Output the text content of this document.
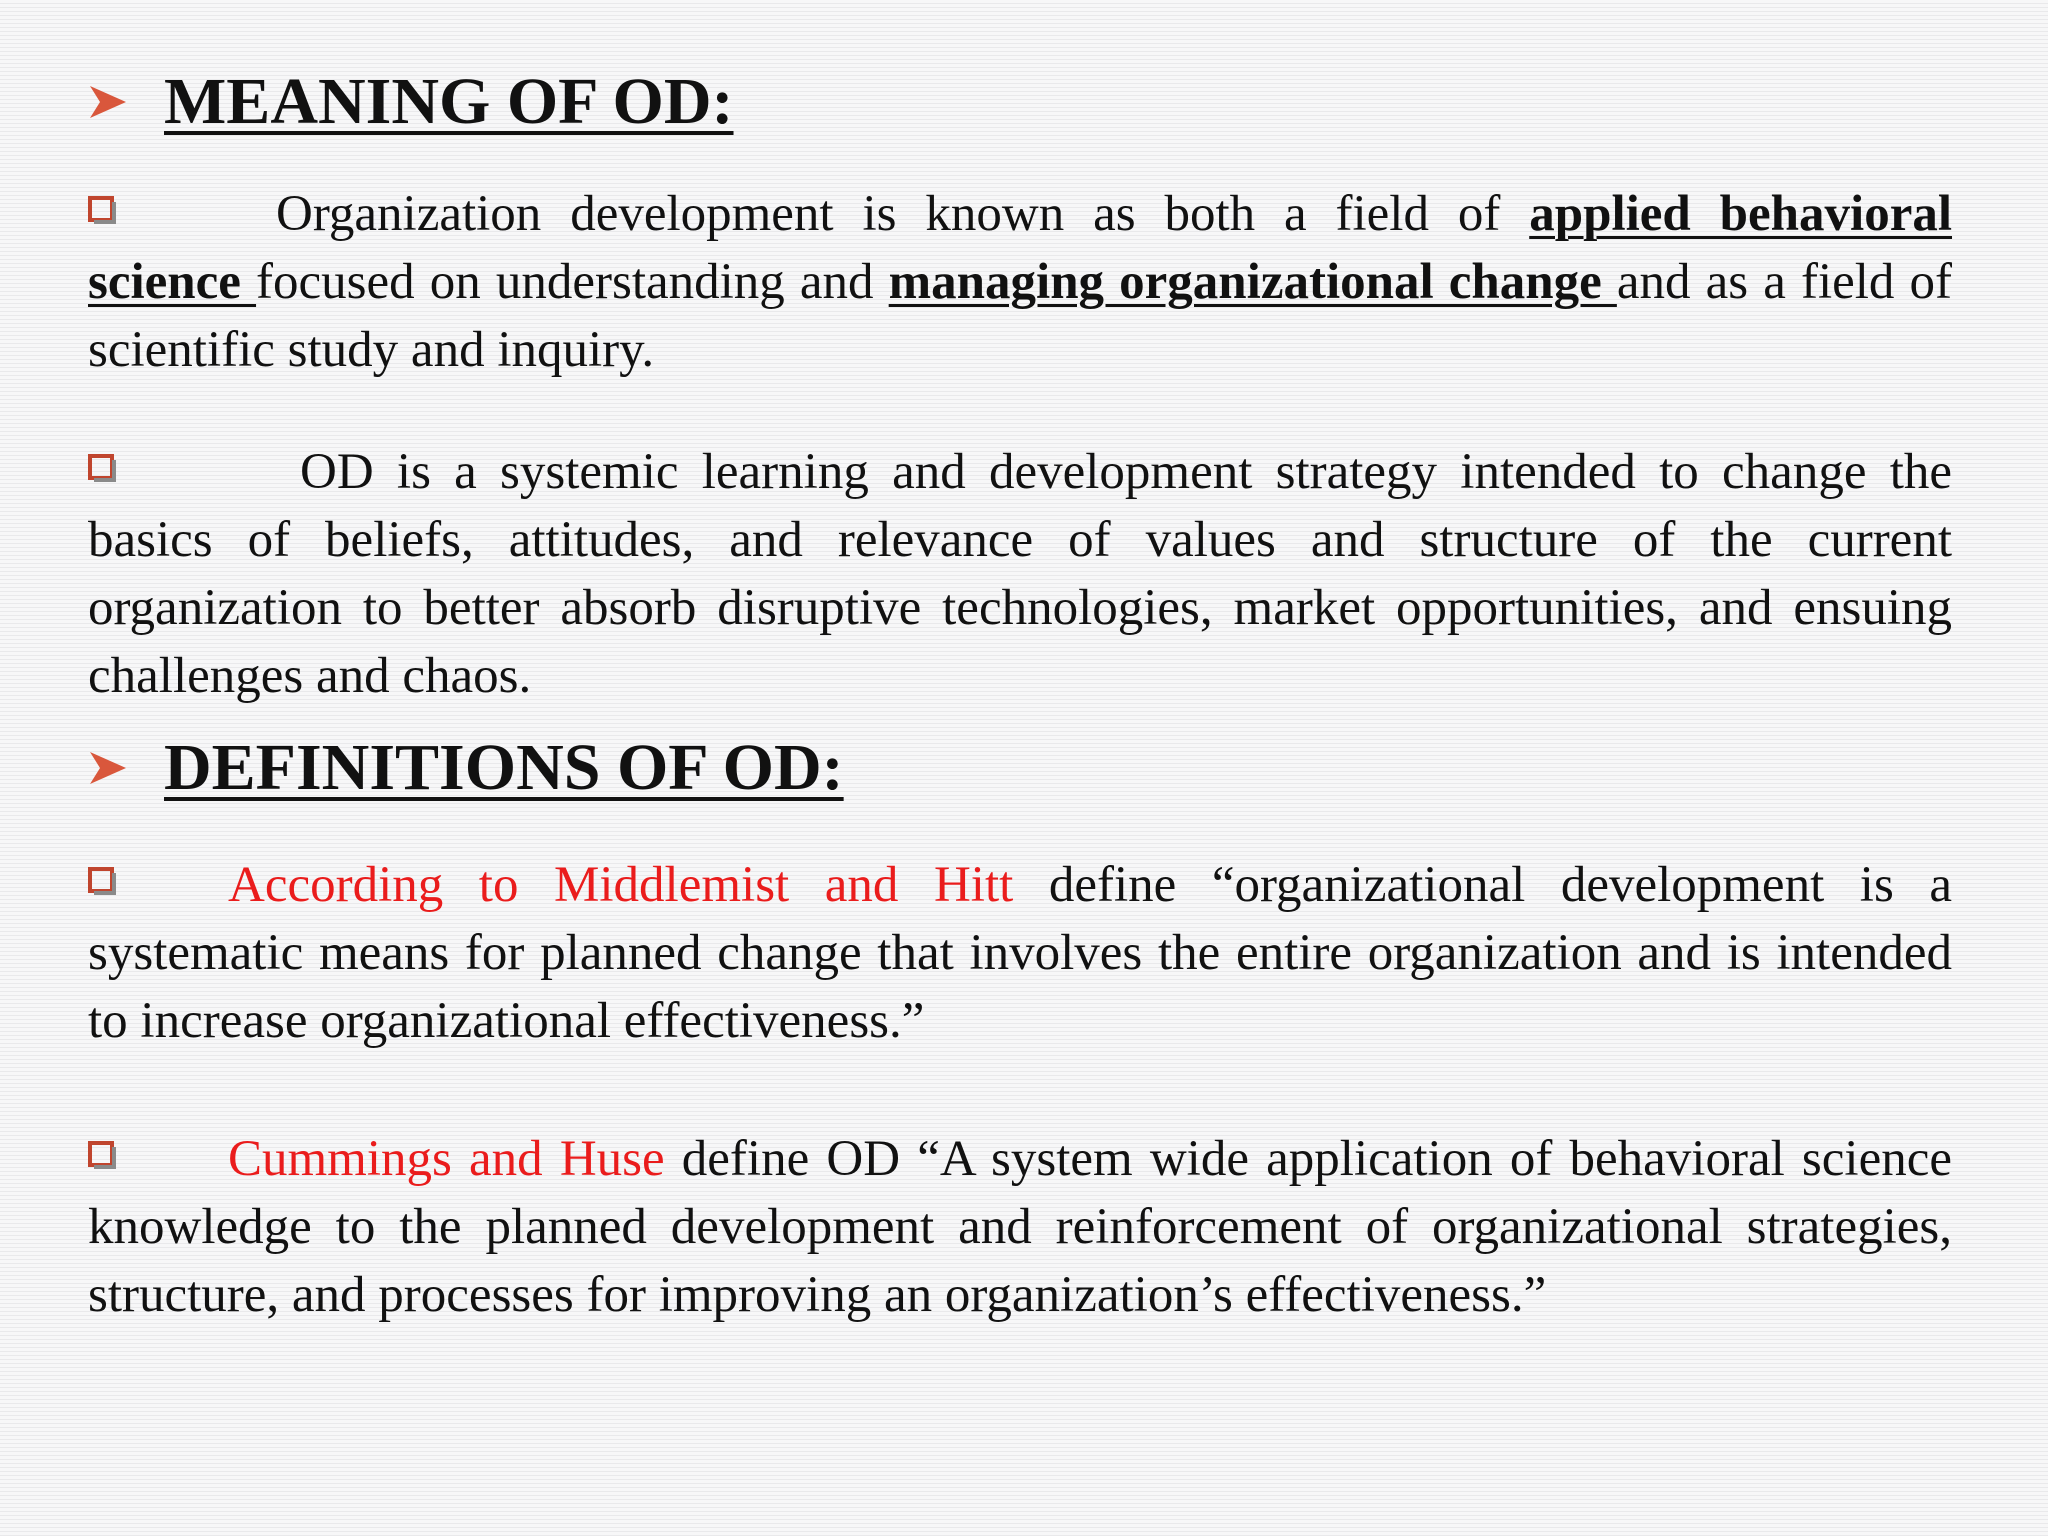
MEANING OF OD:
Organization development is known as both a field of applied behavioral science focused on understanding and managing organizational change and as a field of scientific study and inquiry.
OD is a systemic learning and development strategy intended to change the basics of beliefs, attitudes, and relevance of values and structure of the current organization to better absorb disruptive technologies, market opportunities, and ensuing challenges and chaos.
DEFINITIONS OF OD:
According to Middlemist and Hitt define “organizational development is a systematic means for planned change that involves the entire organization and is intended to increase organizational effectiveness.”
Cummings and Huse define OD “A system wide application of behavioral science knowledge to the planned development and reinforcement of organizational strategies, structure, and processes for improving an organization’s effectiveness.”
